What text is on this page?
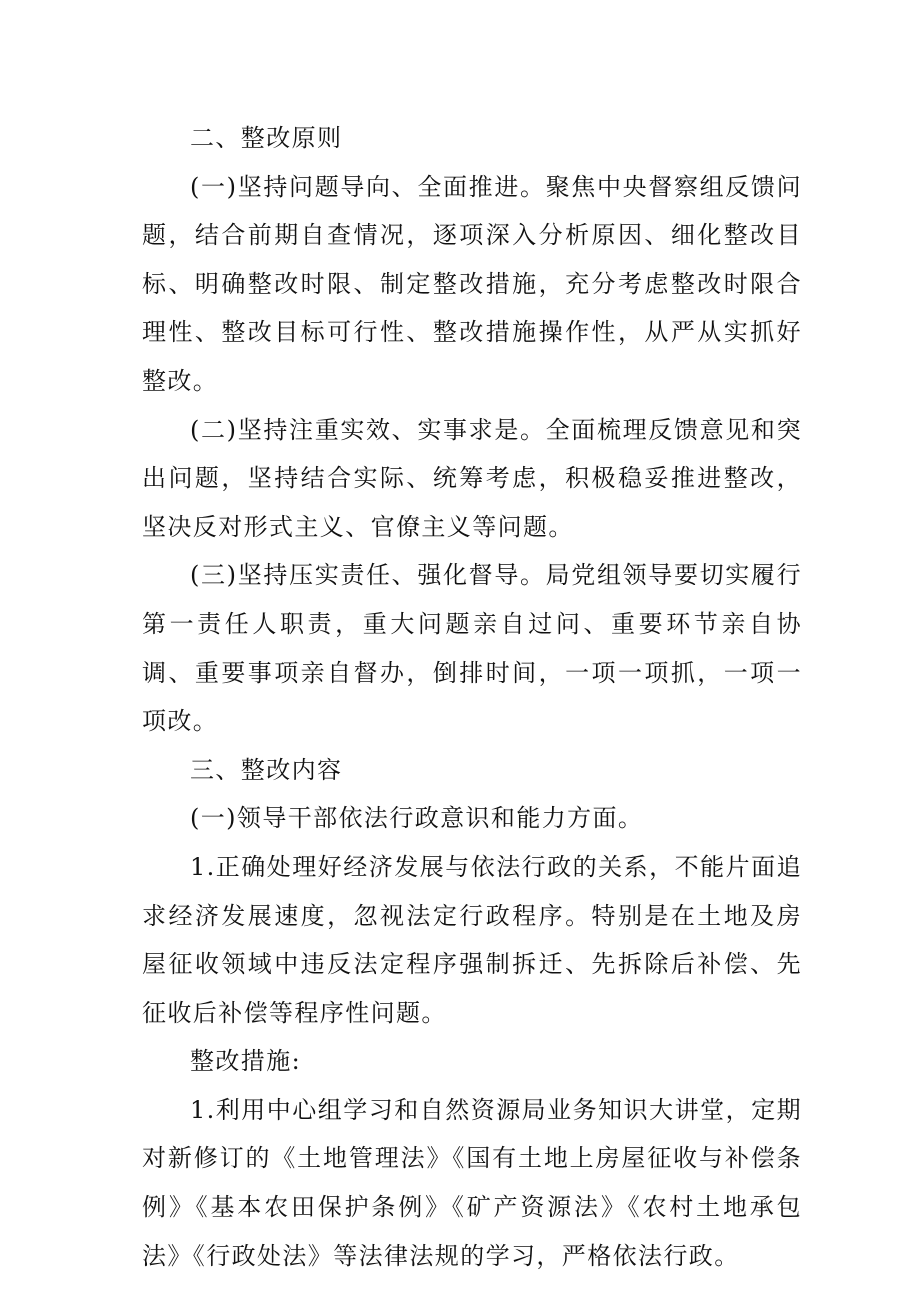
二、整改原则

(一)坚持问题导向、全面推进。聚焦中央督察组反馈问题，结合前期自查情况，逐项深入分析原因、细化整改目标、明确整改时限、制定整改措施，充分考虑整改时限合理性、整改目标可行性、整改措施操作性，从严从实抓好整改。

(二)坚持注重实效、实事求是。全面梳理反馈意见和突出问题，坚持结合实际、统筹考虑，积极稳妥推进整改，坚决反对形式主义、官僚主义等问题。

(三)坚持压实责任、强化督导。局党组领导要切实履行第一责任人职责，重大问题亲自过问、重要环节亲自协调、重要事项亲自督办，倒排时间，一项一项抓，一项一项改。

三、整改内容

(一)领导干部依法行政意识和能力方面。

1.正确处理好经济发展与依法行政的关系，不能片面追求经济发展速度，忽视法定行政程序。特别是在土地及房屋征收领域中违反法定程序强制拆迁、先拆除后补偿、先征收后补偿等程序性问题。

整改措施:

1.利用中心组学习和自然资源局业务知识大讲堂，定期对新修订的《土地管理法》《国有土地上房屋征收与补偿条例》《基本农田保护条例》《矿产资源法》《农村土地承包法》《行政处法》等法律法规的学习，严格依法行政。
